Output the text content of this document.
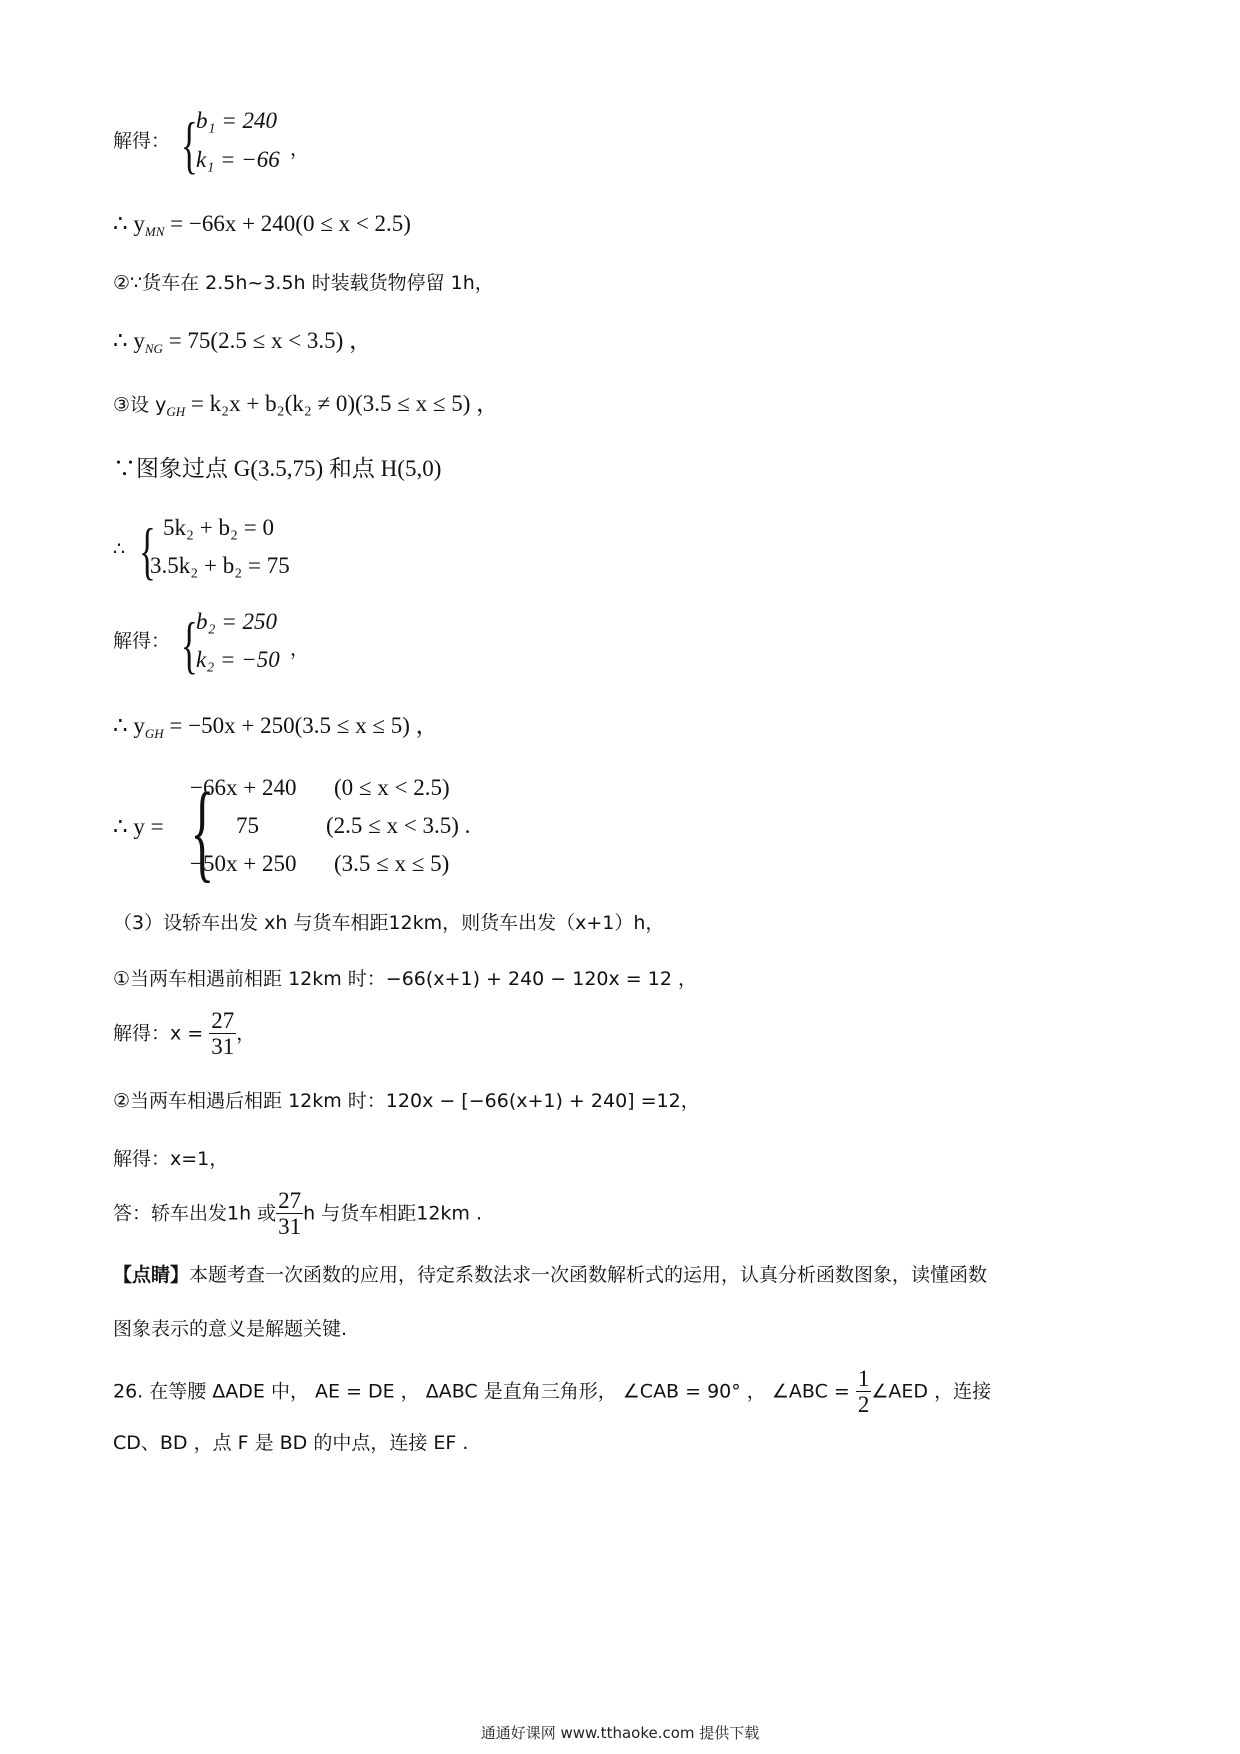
解得： {
b₁ = 240
k₁ = −66 ，
∴ $y_{MN} = -66x + 240(0 \le x < 2.5)$
②∵货车在 2.5h~3.5h 时装载货物停留 1h，
∴ $y_{NG} = 75(2.5 \le x < 3.5)$ ，
③设 $y_{GH} = k_2x + b_2(k_2 \ne 0)(3.5 \le x \le 5)$ ，
∵图象过点 G(3.5,75) 和点 H(5,0)
∴ { 5k₂ + b₂ = 0
3.5k₂ + b₂ = 75
解得： {
b₂ = 250
k₂ = −50 ，
∴ $y_{GH} = -50x + 250(3.5 \le x \le 5)$ ，
∴ y = {
−66x + 240 (0 ≤ x < 2.5)
75	(2.5 ≤ x < 3.5) .
−50x + 250 (3.5 ≤ x ≤ 5)
（3）设轿车出发 xh 与货车相距12km，则货车出发（x+1）h，
①当两车相遇前相距 12km 时：−66(x+1) + 240 − 120x = 12 ，
解得：$x = \frac{27}{31}$ ，
②当两车相遇后相距 12km 时：120x − [−66(x+1) + 240] =12，
解得：x=1，
答：轿车出发1h 或 $\frac{27}{31}$ h 与货车相距12km .
【点睛】本题考查一次函数的应用，待定系数法求一次函数解析式的运用，认真分析函数图象，读懂函数
图象表示的意义是解题关键.
26. 在等腰 ΔADE 中， AE = DE ， ΔABC 是直角三角形， ∠CAB = 90° ， ∠ABC = $\frac{1}{2}$ ∠AED ，连接
CD、BD ，点 F 是 BD 的中点，连接 EF .
通通好课网 www.tthaoke.com 提供下载
